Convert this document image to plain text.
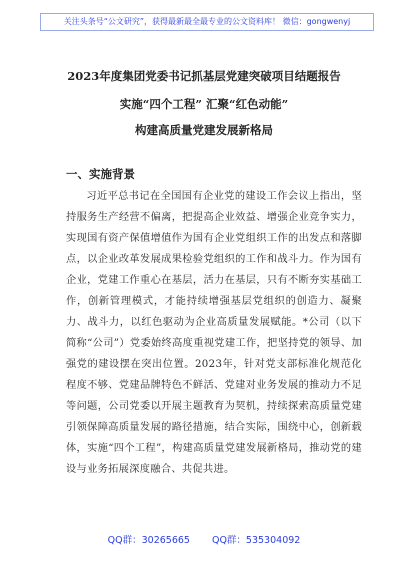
关注头条号“公文研究”，获得最新最全最专业的公文资料库！ 微信：gongwenyj
2023年度集团党委书记抓基层党建突破项目结题报告
实施“四个工程” 汇聚“红色动能”
构建高质量党建发展新格局
一、实施背景
习近平总书记在全国国有企业党的建设工作会议上指出，坚持服务生产经营不偏离，把提高企业效益、增强企业竞争实力，实现国有资产保值增值作为国有企业党组织工作的出发点和落脚点，以企业改革发展成果检验党组织的工作和战斗力。作为国有企业，党建工作重心在基层，活力在基层，只有不断夯实基础工作，创新管理模式，才能持续增强基层党组织的创造力、凝聚力、战斗力，以红色驱动为企业高质量发展赋能。*公司（以下简称“公司”）党委始终高度重视党建工作，把坚持党的领导、加强党的建设摆在突出位置。2023年，针对党支部标准化规范化程度不够、党建品牌特色不鲜活、党建对业务发展的推动力不足等问题，公司党委以开展主题教育为契机，持续探索高质量党建引领保障高质量发展的路径措施，结合实际，围绕中心，创新载体，实施“四个工程”，构建高质量党建发展新格局，推动党的建设与业务拓展深度融合、共促共进。
QQ群：30265665 QQ群：535304092
